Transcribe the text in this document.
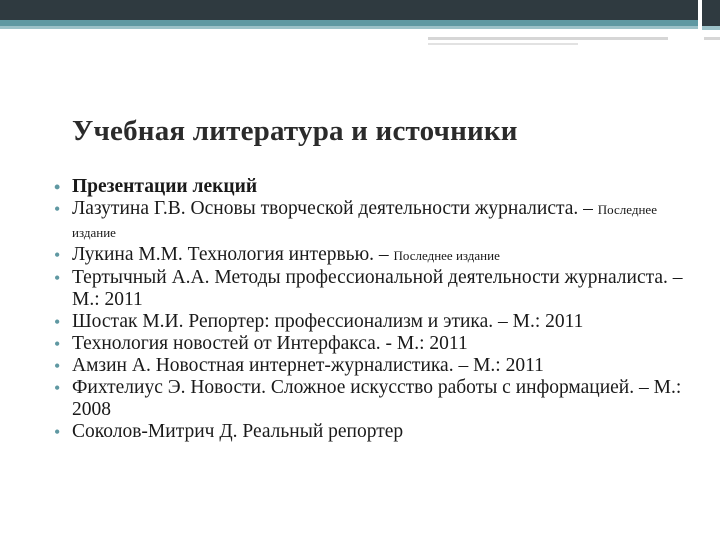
Учебная литература и источники
• Презентации лекций
• Лазутина Г.В. Основы творческой деятельности журналиста. – Последнее издание
• Лукина М.М. Технология интервью. – Последнее издание
• Тертычный А.А. Методы профессиональной деятельности журналиста. – М.: 2011
• Шостак М.И. Репортер: профессионализм и этика. – М.: 2011
• Технология новостей от Интерфакса. - М.: 2011
• Амзин А. Новостная интернет-журналистика. – М.: 2011
• Фихтелиус Э. Новости. Сложное искусство работы с информацией. – М.: 2008
• Соколов-Митрич Д. Реальный репортер
